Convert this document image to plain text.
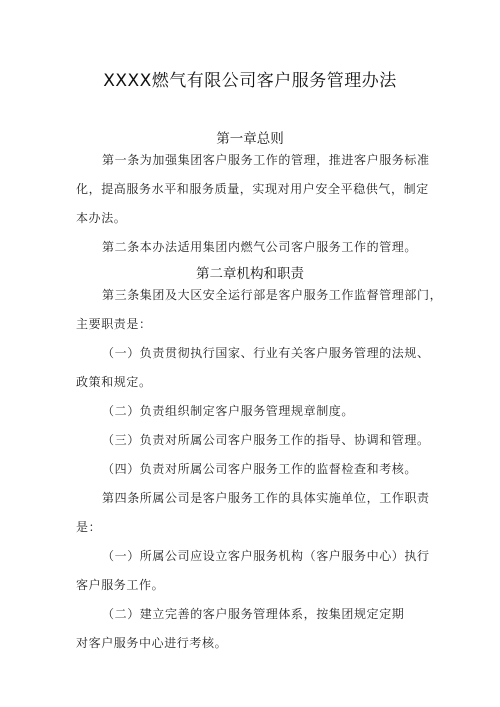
XXXX燃气有限公司客户服务管理办法
第一章总则
第一条为加强集团客户服务工作的管理，推进客户服务标准
化，提高服务水平和服务质量，实现对用户安全平稳供气，制定
本办法。
第二条本办法适用集团内燃气公司客户服务工作的管理。
第二章机构和职责
第三条集团及大区安全运行部是客户服务工作监督管理部门，
主要职责是：
（一）负责贯彻执行国家、行业有关客户服务管理的法规、
政策和规定。
（二）负责组织制定客户服务管理规章制度。
（三）负责对所属公司客户服务工作的指导、协调和管理。
（四）负责对所属公司客户服务工作的监督检查和考核。
第四条所属公司是客户服务工作的具体实施单位，工作职责
是：
（一）所属公司应设立客户服务机构（客户服务中心）执行
客户服务工作。
（二）建立完善的客户服务管理体系，按集团规定定期
对客户服务中心进行考核。
